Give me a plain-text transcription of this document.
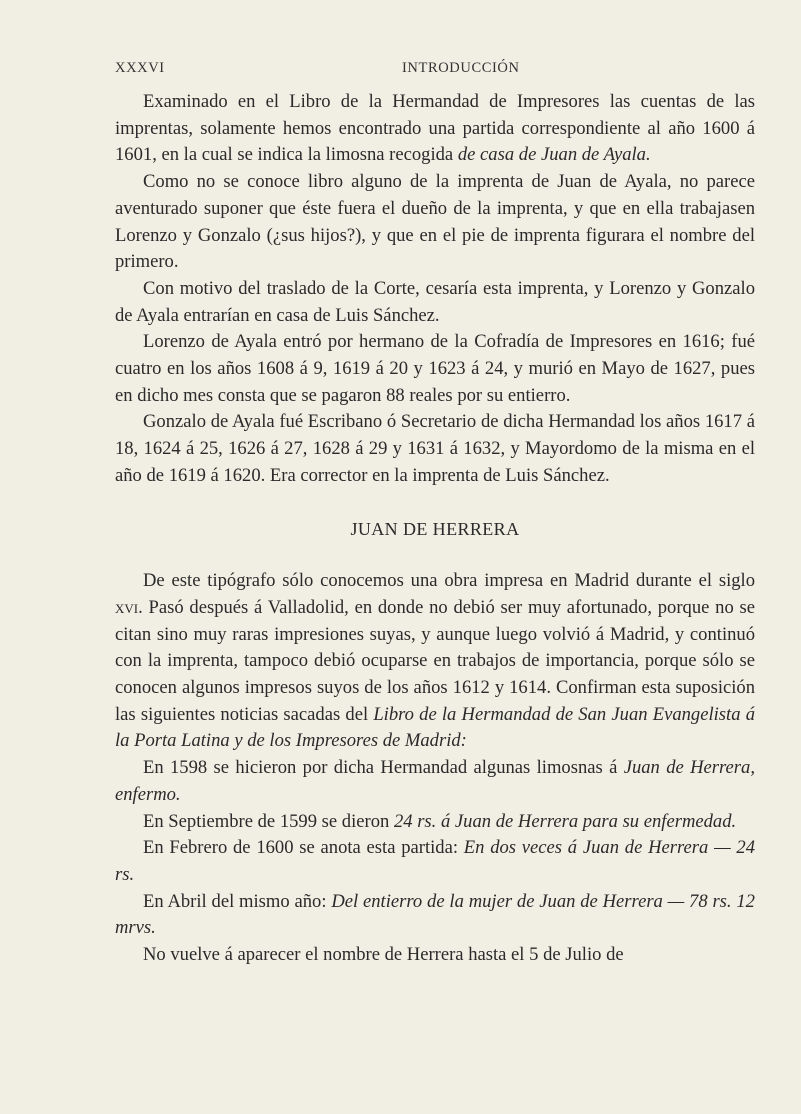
XXXVI	INTRODUCCIÓN

Examinado en el Libro de la Hermandad de Impresores las cuentas de las imprentas, solamente hemos encontrado una partida correspondiente al año 1600 á 1601, en la cual se indica la limosna recogida de casa de Juan de Ayala.

Como no se conoce libro alguno de la imprenta de Juan de Ayala, no parece aventurado suponer que éste fuera el dueño de la imprenta, y que en ella trabajasen Lorenzo y Gonzalo (¿sus hijos?), y que en el pie de imprenta figurara el nombre del primero.

Con motivo del traslado de la Corte, cesaría esta imprenta, y Lorenzo y Gonzalo de Ayala entrarían en casa de Luis Sánchez.

Lorenzo de Ayala entró por hermano de la Cofradía de Impresores en 1616; fué cuatro en los años 1608 á 9, 1619 á 20 y 1623 á 24, y murió en Mayo de 1627, pues en dicho mes consta que se pagaron 88 reales por su entierro.

Gonzalo de Ayala fué Escribano ó Secretario de dicha Hermandad los años 1617 á 18, 1624 á 25, 1626 á 27, 1628 á 29 y 1631 á 1632, y Mayordomo de la misma en el año de 1619 á 1620. Era corrector en la imprenta de Luis Sánchez.

JUAN DE HERRERA

De este tipógrafo sólo conocemos una obra impresa en Madrid durante el siglo xvi. Pasó después á Valladolid, en donde no debió ser muy afortunado, porque no se citan sino muy raras impresiones suyas, y aunque luego volvió á Madrid, y continuó con la imprenta, tampoco debió ocuparse en trabajos de importancia, porque sólo se conocen algunos impresos suyos de los años 1612 y 1614. Confirman esta suposición las siguientes noticias sacadas del Libro de la Hermandad de San Juan Evangelista á la Porta Latina y de los Impresores de Madrid:

En 1598 se hicieron por dicha Hermandad algunas limosnas á Juan de Herrera, enfermo.

En Septiembre de 1599 se dieron 24 rs. á Juan de Herrera para su enfermedad.

En Febrero de 1600 se anota esta partida: En dos veces á Juan de Herrera — 24 rs.

En Abril del mismo año: Del entierro de la mujer de Juan de Herrera — 78 rs. 12 mrvs.

No vuelve á aparecer el nombre de Herrera hasta el 5 de Julio de
